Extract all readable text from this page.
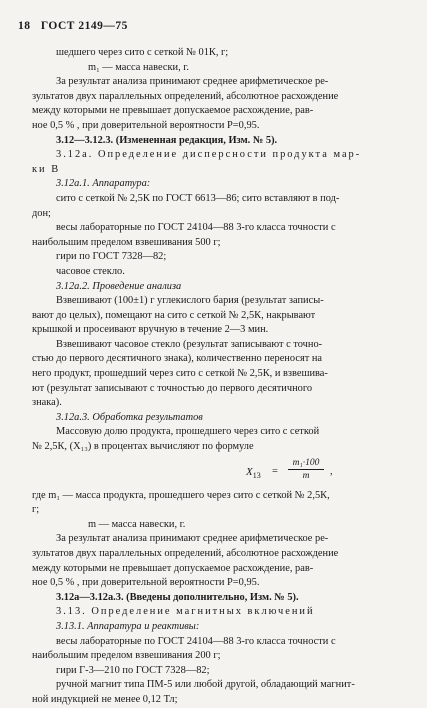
18 ГОСТ 2149—75
шедшего через сито с сеткой № 01К, г;
m₁ — масса навески, г.
За результат анализа принимают среднее арифметическое ре-
зультатов двух параллельных определений, абсолютное расхождение
между которыми не превышает допускаемое расхождение, рав-
ное 0,5 % , при доверительной вероятности P=0,95.
3.12—3.12.3. (Измененная редакция, Изм. № 5).
3.12а. Определение дисперсности продукта мар-
ки В
3.12а.1. Аппаратура:
сито с сеткой № 2,5К по ГОСТ 6613—86; сито вставляют в под-
дон;
весы лабораторные по ГОСТ 24104—88 3-го класса точности с
наибольшим пределом взвешивания 500 г;
гири по ГОСТ 7328—82;
часовое стекло.
3.12а.2. Проведение анализа
Взвешивают (100±1) г углекислого бария (результат записы-
вают до целых), помещают на сито с сеткой № 2,5К, накрывают
крышкой и просеивают вручную в течение 2—3 мин.
Взвешивают часовое стекло (результат записывают с точно-
стью до первого десятичного знака), количественно переносят на
него продукт, прошедший через сито с сеткой № 2,5К, и взвешива-
ют (результат записывают с точностью до первого десятичного
знака).
3.12а.3. Обработка результатов
Массовую долю продукта, прошедшего через сито с сеткой
№ 2,5К, (X₁₃) в процентах вычисляют по формуле
$X_{13} = \frac{\text{m₁·100}}{m}$ ,
где m₁ — масса продукта, прошедшего через сито с сеткой № 2,5К,
г;
m — масса навески, г.
За результат анализа принимают среднее арифметическое ре-
зультатов двух параллельных определений, абсолютное расхождение
между которыми не превышает допускаемое расхождение, рав-
ное 0,5 % , при доверительной вероятности P=0,95.
3.12а—3.12а.3. (Введены дополнительно, Изм. № 5).
3.13. Определение магнитных включений
3.13.1. Аппаратура и реактивы:
весы лабораторные по ГОСТ 24104—88 3-го класса точности с
наибольшим пределом взвешивания 200 г;
гири Г-3—210 по ГОСТ 7328—82;
ручной магнит типа ПМ-5 или любой другой, обладающий магнит-
ной индукцией не менее 0,12 Тл;
